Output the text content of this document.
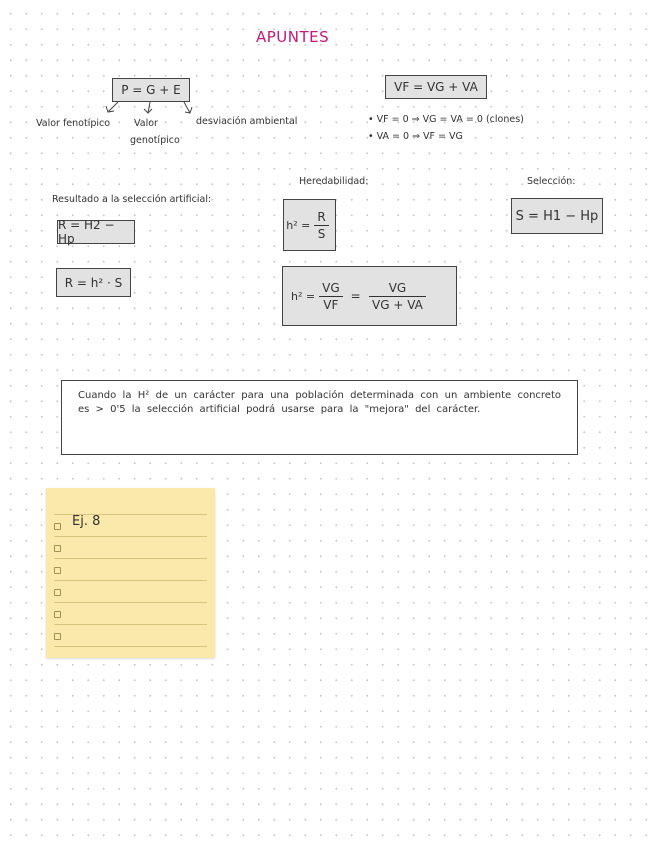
APUNTES
P = G + E
Valor fenotípico	Valor
genotípico
desviación ambiental
VF = VG + VA
• VF = 0 ⇒ VG = VA = 0 (clones)
• VA = 0 ⇒ VF = VG
Resultado a la selección artificial:
R = H2 − Hp
R = h² · S
Heredabilidad:
$h^2 = \frac{R}{S}$
$h^2 = \frac{VG}{VF} = \frac{VG}{VG + VA}$
Selección:
S = H1 − Hp
Cuando la H² de un carácter para una población determinada con un ambiente concreto es > 0'5 la selección artificial podrá usarse para la "mejora" del carácter.
Ej. 8
